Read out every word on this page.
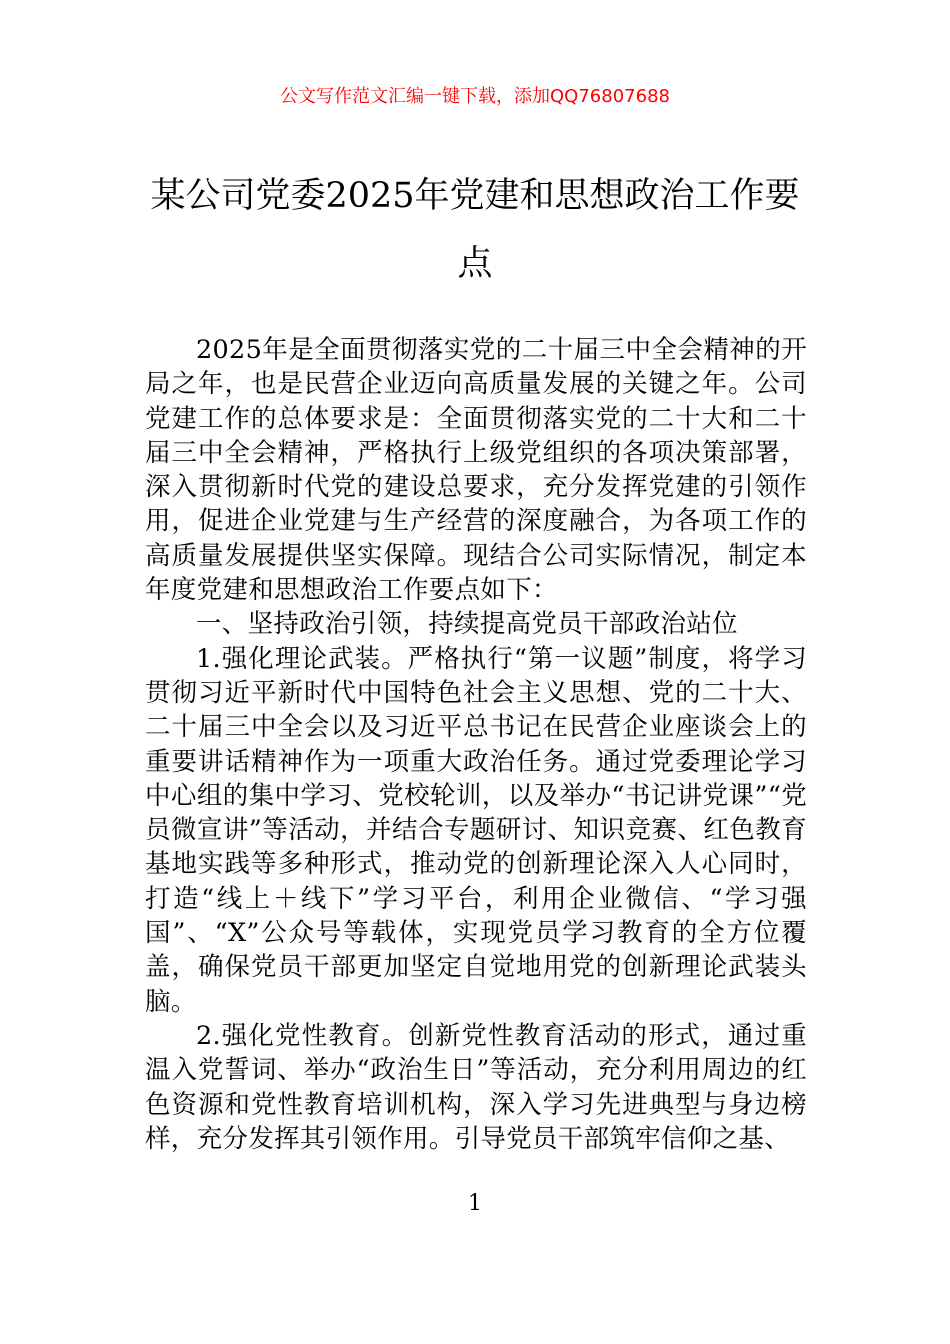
公文写作范文汇编一键下载，添加QQ76807688
某公司党委2025年党建和思想政治工作要点

2025年是全面贯彻落实党的二十届三中全会精神的开局之年，也是民营企业迈向高质量发展的关键之年。公司党建工作的总体要求是：全面贯彻落实党的二十大和二十届三中全会精神，严格执行上级党组织的各项决策部署，深入贯彻新时代党的建设总要求，充分发挥党建的引领作用，促进企业党建与生产经营的深度融合，为各项工作的高质量发展提供坚实保障。现结合公司实际情况，制定本年度党建和思想政治工作要点如下：

一、坚持政治引领，持续提高党员干部政治站位

1.强化理论武装。严格执行“第一议题”制度，将学习贯彻习近平新时代中国特色社会主义思想、党的二十大、二十届三中全会以及习近平总书记在民营企业座谈会上的重要讲话精神作为一项重大政治任务。通过党委理论学习中心组的集中学习、党校轮训，以及举办“书记讲党课”“党员微宣讲”等活动，并结合专题研讨、知识竞赛、红色教育基地实践等多种形式，推动党的创新理论深入人心同时，打造“线上＋线下”学习平台，利用企业微信、“学习强国”、“X”公众号等载体，实现党员学习教育的全方位覆盖，确保党员干部更加坚定自觉地用党的创新理论武装头脑。

2.强化党性教育。创新党性教育活动的形式，通过重温入党誓词、举办“政治生日”等活动，充分利用周边的红色资源和党性教育培训机构，深入学习先进典型与身边榜样，充分发挥其引领作用。引导党员干部筑牢信仰之基、

1
